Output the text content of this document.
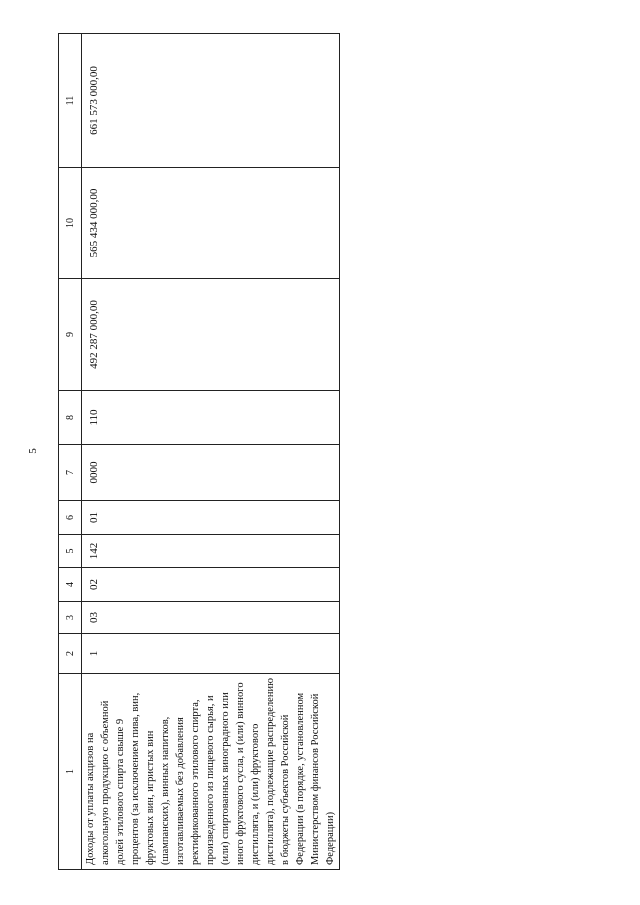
5
1	2	3	4	5	6	7	8	9	10	11
Доходы от уплаты акцизов на алкогольную продукцию с объемной долей этилового спирта свыше 9 процентов (за исключением пива, вин, фруктовых вин, игристых вин (шампанских), винных напитков, изготавливаемых без добавления ректификованного этилового спирта, произведенного из пищевого сырья, и (или) спиртованных виноградного или иного фруктового сусла, и (или) винного дистиллята, и (или) фруктового дистиллята), подлежащие распределению в бюджеты субъектов Российской Федерации (в порядке, установленном Министерством финансов Российской Федерации)	1	03	02	142	01	0000	110	492 287 000,00	565 434 000,00	661 573 000,00
